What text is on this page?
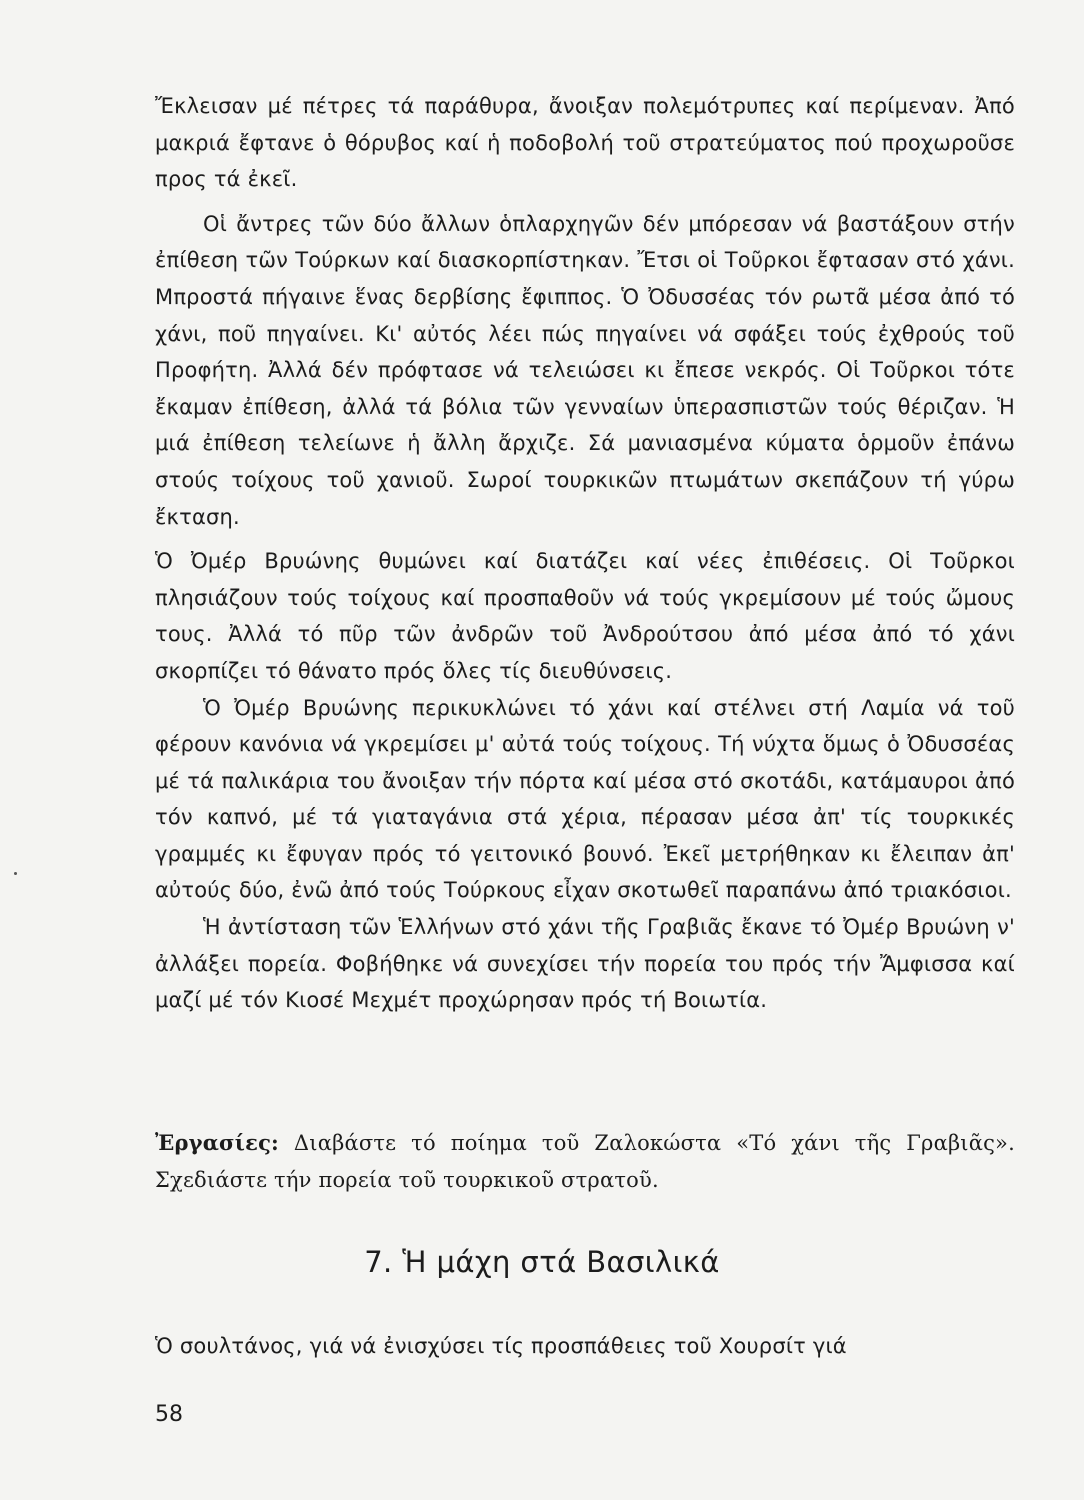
Ἔκλεισαν μέ πέτρες τά παράθυρα, ἄνοιξαν πολεμότρυπες καί περίμεναν. Ἀπό μακριά ἔφτανε ὁ θόρυβος καί ἡ ποδοβολή τοῦ στρατεύματος πού προχωροῦσε πρoς τά ἐκεῖ.

Οἱ ἄντρες τῶν δύο ἄλλων ὁπλαρχηγῶν δέν μπόρεσαν νά βαστάξουν στήν ἐπίθεση τῶν Τούρκων καί διασκορπίστηκαν. Ἔτσι οἱ Τοῦρκοι ἔφτασαν στό χάνι. Μπροστά πήγαινε ἕνας δερβίσης ἔφιππος. Ὁ Ὀδυσσέας τόν ρωτᾶ μέσα ἀπό τό χάνι, ποῦ πηγαίνει. Κι' αὐτός λέει πώς πηγαίνει νά σφάξει τούς ἐχθρούς τοῦ Προφήτη. Ἀλλά δέν πρόφτασε νά τελειώσει κι ἔπεσε νεκρός. Οἱ Τοῦρκοι τότε ἔκαμαν ἐπίθεση, ἀλλά τά βόλια τῶν γενναίων ὑπερασπιστῶν τούς θέριζαν. Ἡ μιά ἐπίθεση τελείωνε ἡ ἄλλη ἄρχιζε. Σά μανιασμένα κύματα ὁρμοῦν ἐπάνω στούς τοίχους τοῦ χανιοῦ. Σωροί τουρκικῶν πτωμάτων σκεπάζουν τή γύρω ἔκταση.

Ὁ Ὀμέρ Βρυώνης θυμώνει καί διατάζει καί νέες ἐπιθέσεις. Οἱ Τοῦρκοι πλησιάζουν τούς τοίχους καί προσπαθοῦν νά τούς γκρεμίσουν μέ τούς ὤμους τους. Ἀλλά τό πῦρ τῶν ἀνδρῶν τοῦ Ἀνδρούτσου ἀπό μέσα ἀπό τό χάνι σκορπίζει τό θάνατο πρός ὅλες τίς διευθύνσεις.

Ὁ Ὀμέρ Βρυώνης περικυκλώνει τό χάνι καί στέλνει στή Λαμία νά τοῦ φέρουν κανόνια νά γκρεμίσει μ' αὐτά τούς τοίχους. Τή νύχτα ὅμως ὁ Ὀδυσσέας μέ τά παλικάρια του ἄνοιξαν τήν πόρτα καί μέσα στό σκοτάδι, κατάμαυροι ἀπό τόν καπνό, μέ τά γιαταγάνια στά χέρια, πέρασαν μέσα ἀπ' τίς τουρκικές γραμμές κι ἔφυγαν πρός τό γειτονικό βουνό. Ἐκεῖ μετρήθηκαν κι ἔλειπαν ἀπ' αὐτούς δύο, ἐνῶ ἀπό τούς Τούρκους εἶχαν σκοτωθεῖ παραπάνω ἀπό τριακόσιοι.

Ἡ ἀντίσταση τῶν Ἑλλήνων στό χάνι τῆς Γραβιᾶς ἔκανε τό Ὀμέρ Βρυώνη ν' ἀλλάξει πορεία. Φοβήθηκε νά συνεχίσει τήν πορεία του πρός τήν Ἄμφισσα καί μαζί μέ τόν Κιοσέ Μεχμέτ προχώρησαν πρός τή Βοιωτία.

Ἐργασίες: Διαβάστε τό ποίημα τοῦ Ζαλοκώστα «Τό χάνι τῆς Γραβιᾶς». Σχεδιάστε τήν πορεία τοῦ τουρκικοῦ στρατοῦ.

7. Ἡ μάχη στά Βασιλικά

Ὁ σουλτάνος, γιά νά ἐνισχύσει τίς προσπάθειες τοῦ Χουρσίτ γιά

58
